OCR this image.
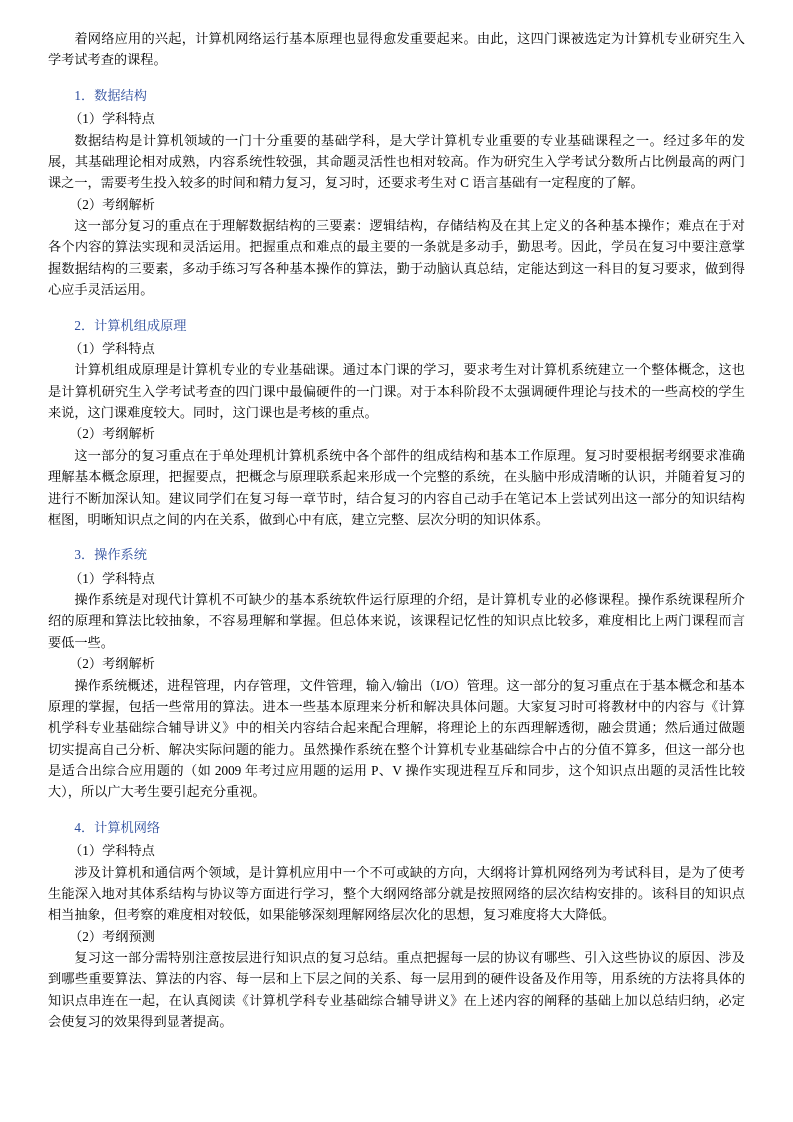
着网络应用的兴起，计算机网络运行基本原理也显得愈发重要起来。由此，这四门课被选定为计算机专业研究生入学考试考查的课程。

1．数据结构

（1）学科特点

数据结构是计算机领域的一门十分重要的基础学科，是大学计算机专业重要的专业基础课程之一。经过多年的发展，其基础理论相对成熟，内容系统性较强，其命题灵活性也相对较高。作为研究生入学考试分数所占比例最高的两门课之一，需要考生投入较多的时间和精力复习，复习时，还要求考生对 C 语言基础有一定程度的了解。

（2）考纲解析

这一部分复习的重点在于理解数据结构的三要素：逻辑结构，存储结构及在其上定义的各种基本操作；难点在于对各个内容的算法实现和灵活运用。把握重点和难点的最主要的一条就是多动手，勤思考。因此，学员在复习中要注意掌握数据结构的三要素，多动手练习写各种基本操作的算法，勤于动脑认真总结，定能达到这一科目的复习要求，做到得心应手灵活运用。

2．计算机组成原理

（1）学科特点

计算机组成原理是计算机专业的专业基础课。通过本门课的学习，要求考生对计算机系统建立一个整体概念，这也是计算机研究生入学考试考查的四门课中最偏硬件的一门课。对于本科阶段不太强调硬件理论与技术的一些高校的学生来说，这门课难度较大。同时，这门课也是考核的重点。

（2）考纲解析

这一部分的复习重点在于单处理机计算机系统中各个部件的组成结构和基本工作原理。复习时要根据考纲要求准确理解基本概念原理，把握要点，把概念与原理联系起来形成一个完整的系统，在头脑中形成清晰的认识，并随着复习的进行不断加深认知。建议同学们在复习每一章节时，结合复习的内容自己动手在笔记本上尝试列出这一部分的知识结构框图，明晰知识点之间的内在关系，做到心中有底，建立完整、层次分明的知识体系。

3．操作系统

（1）学科特点

操作系统是对现代计算机不可缺少的基本系统软件运行原理的介绍，是计算机专业的必修课程。操作系统课程所介绍的原理和算法比较抽象，不容易理解和掌握。但总体来说，该课程记忆性的知识点比较多，难度相比上两门课程而言要低一些。

（2）考纲解析

操作系统概述，进程管理，内存管理，文件管理，输入/输出（I/O）管理。这一部分的复习重点在于基本概念和基本原理的掌握，包括一些常用的算法。进本一些基本原理来分析和解决具体问题。大家复习时可将教材中的内容与《计算机学科专业基础综合辅导讲义》中的相关内容结合起来配合理解，将理论上的东西理解透彻，融会贯通；然后通过做题切实提高自己分析、解决实际问题的能力。虽然操作系统在整个计算机专业基础综合中占的分值不算多，但这一部分也是适合出综合应用题的（如 2009 年考过应用题的运用 P、V 操作实现进程互斥和同步，这个知识点出题的灵活性比较大），所以广大考生要引起充分重视。

4．计算机网络

（1）学科特点

涉及计算机和通信两个领域，是计算机应用中一个不可或缺的方向，大纲将计算机网络列为考试科目，是为了使考生能深入地对其体系结构与协议等方面进行学习，整个大纲网络部分就是按照网络的层次结构安排的。该科目的知识点相当抽象，但考察的难度相对较低，如果能够深刻理解网络层次化的思想，复习难度将大大降低。

（2）考纲预测

复习这一部分需特别注意按层进行知识点的复习总结。重点把握每一层的协议有哪些、引入这些协议的原因、涉及到哪些重要算法、算法的内容、每一层和上下层之间的关系、每一层用到的硬件设备及作用等，用系统的方法将具体的知识点串连在一起，在认真阅读《计算机学科专业基础综合辅导讲义》在上述内容的阐释的基础上加以总结归纳，必定会使复习的效果得到显著提高。
